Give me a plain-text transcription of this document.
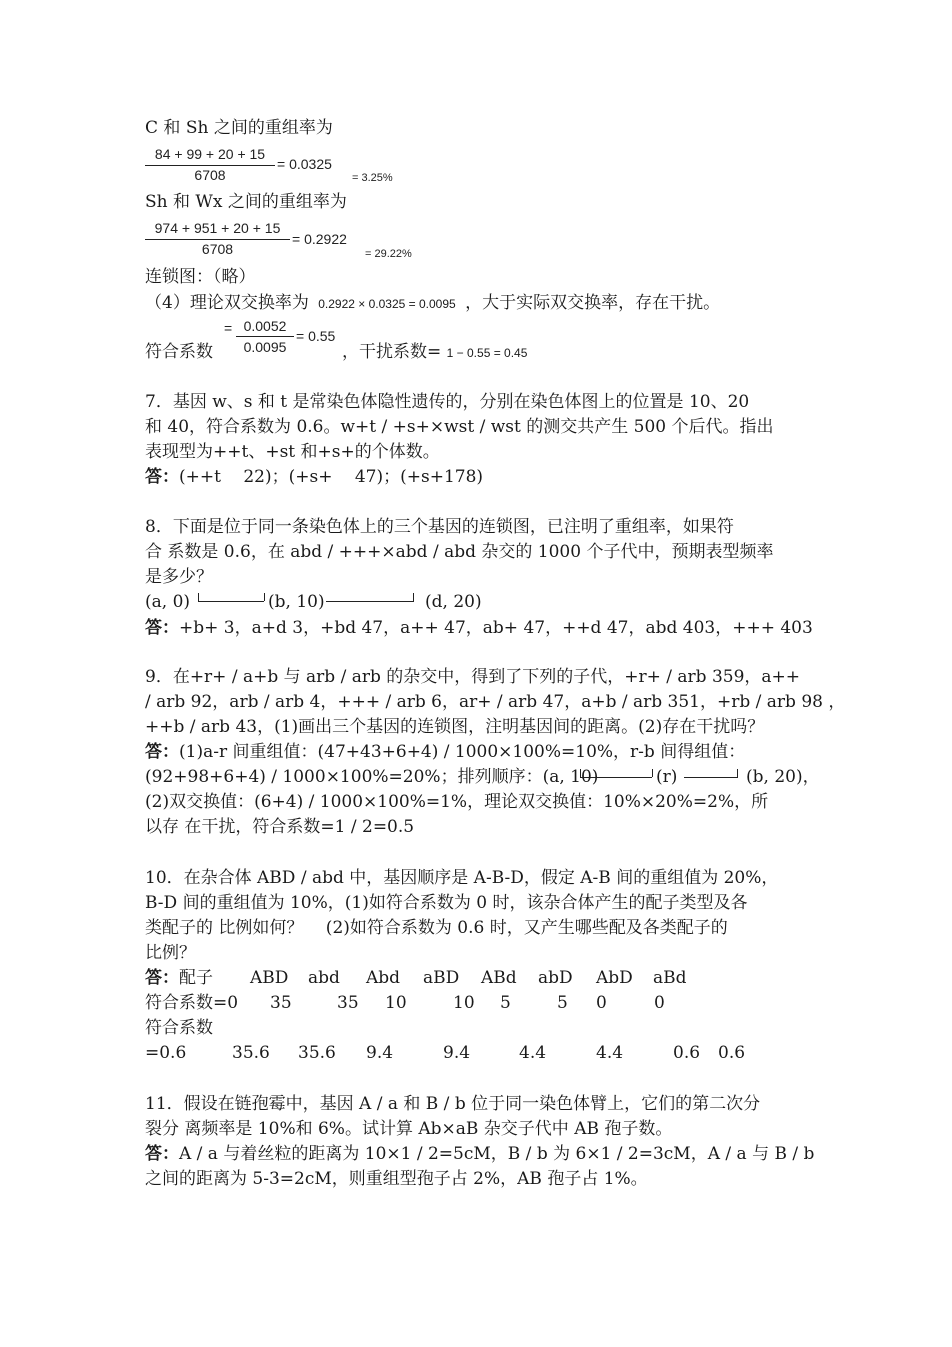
C 和 Sh 之间的重组率为
84 + 99 + 20 + 15
6708
= 0.0325
= 3.25%
Sh 和 Wx 之间的重组率为
974 + 951 + 20 + 15
6708
= 0.2922
= 29.22%
连锁图：（略）
（4）理论双交换率为 0.2922 × 0.0325 = 0.0095 ，大于实际双交换率，存在干扰。
= 0.0052
0.0095
= 0.55
符合系数	，干扰系数= 1 − 0.55 = 0.45
7．基因 w、s 和 t 是常染色体隐性遗传的，分别在染色体图上的位置是 10、20
和 40，符合系数为 0.6。w+t / +s+×wst / wst 的测交共产生 500 个后代。指出
表现型为++t、+st 和+s+的个体数。
答：(++t　 22)；(+s+　 47)；(+s+178)
8．下面是位于同一条染色体上的三个基因的连锁图，已注明了重组率，如果符
合 系数是 0.6，在 abd / +++×abd / abd 杂交的 1000 个子代中，预期表型频率
是多少？
(a, 0)	(b, 10)	(d, 20)
答：+b+ 3，a+d 3，+bd 47，a++ 47，ab+ 47，++d 47，abd 403，+++ 403
9．在+r+ / a+b 与 arb / arb 的杂交中，得到了下列的子代，+r+ / arb 359，a++
/ arb 92，arb / arb 4，+++ / arb 6，ar+ / arb 47，a+b / arb 351，+rb / arb 98 ，
++b / arb 43，(1)画出三个基因的连锁图，注明基因间的距离。(2)存在干扰吗？
答：(1)a-r 间重组值：(47+43+6+4) / 1000×100%=10%，r-b 间得组值：
(92+98+6+4) / 1000×100%=20%；排列顺序：(a, 10)	(r)	(b, 20)，
(2)双交换值：(6+4) / 1000×100%=1%，理论双交换值：10%×20%=2%，所
以存 在干扰，符合系数=1 / 2=0.5
10．在杂合体 ABD / abd 中，基因顺序是 A-B-D，假定 A-B 间的重组值为 20%，
B-D 间的重组值为 10%，(1)如符合系数为 0 时，该杂合体产生的配子类型及各
类配子的 比例如何？　 (2)如符合系数为 0.6 时，又产生哪些配及各类配子的
比例？
答：配子 ABD abd Abd aBD ABd abD AbD aBd
符合系数=0 35	35 10	10 5	5 0	0
符合系数
=0.6	35.6 35.6 9.4	9.4	4.4	4.4	0.6 0.6
11．假设在链孢霉中，基因 A / a 和 B / b 位于同一染色体臂上，它们的第二次分
裂分 离频率是 10%和 6%。试计算 Ab×aB 杂交子代中 AB 孢子数。
答：A / a 与着丝粒的距离为 10×1 / 2=5cM，B / b 为 6×1 / 2=3cM，A / a 与 B / b
之间的距离为 5-3=2cM，则重组型孢子占 2%，AB 孢子占 1%。
